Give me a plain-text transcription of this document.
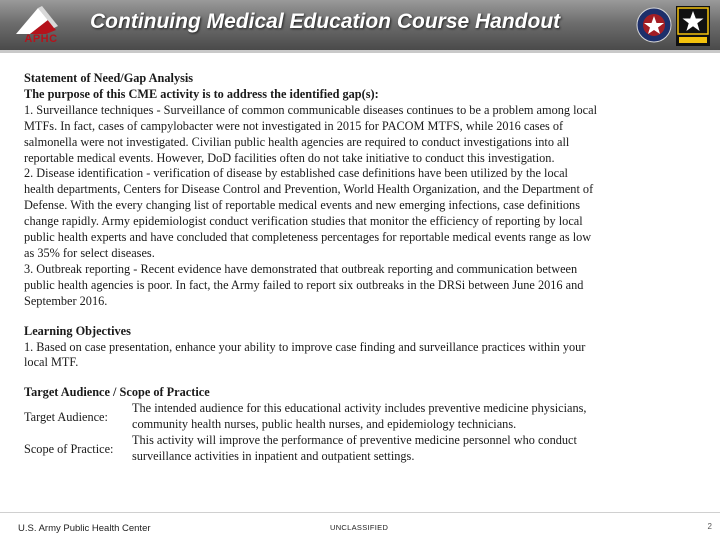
APHC
Continuing Medical Education Course Handout
Statement of Need/Gap Analysis
The purpose of this CME activity is to address the identified gap(s):
1. Surveillance techniques - Surveillance of common communicable diseases continues to be a problem among local
MTFs. In fact, cases of campylobacter were not investigated in 2015 for PACOM MTFS, while 2016 cases of
salmonella were not investigated. Civilian public health agencies are required to conduct investigations into all
reportable medical events. However, DoD facilities often do not take initiative to conduct this investigation.
2. Disease identification - verification of disease by established case definitions have been utilized by the local
health departments, Centers for Disease Control and Prevention, World Health Organization, and the Department of
Defense. With the every changing list of reportable medical events and new emerging infections, case definitions
change rapidly. Army epidemiologist conduct verification studies that monitor the efficiency of reporting by local
public health experts and have concluded that completeness percentages for reportable medical events range as low
as 35% for select diseases.
3. Outbreak reporting - Recent evidence have demonstrated that outbreak reporting and communication between
public health agencies is poor. In fact, the Army failed to report six outbreaks in the DRSi between June 2016 and
September 2016.
Learning Objectives
1. Based on case presentation, enhance your ability to improve case finding and surveillance practices within your
local MTF.
Target Audience / Scope of Practice
Target Audience:
The intended audience for this educational activity includes preventive medicine physicians,
community health nurses, public health nurses, and epidemiology technicians.
Scope of Practice:
This activity will improve the performance of preventive medicine personnel who conduct
surveillance activities in inpatient and outpatient settings.
U.S. Army Public Health Center	UNCLASSIFIED	2
